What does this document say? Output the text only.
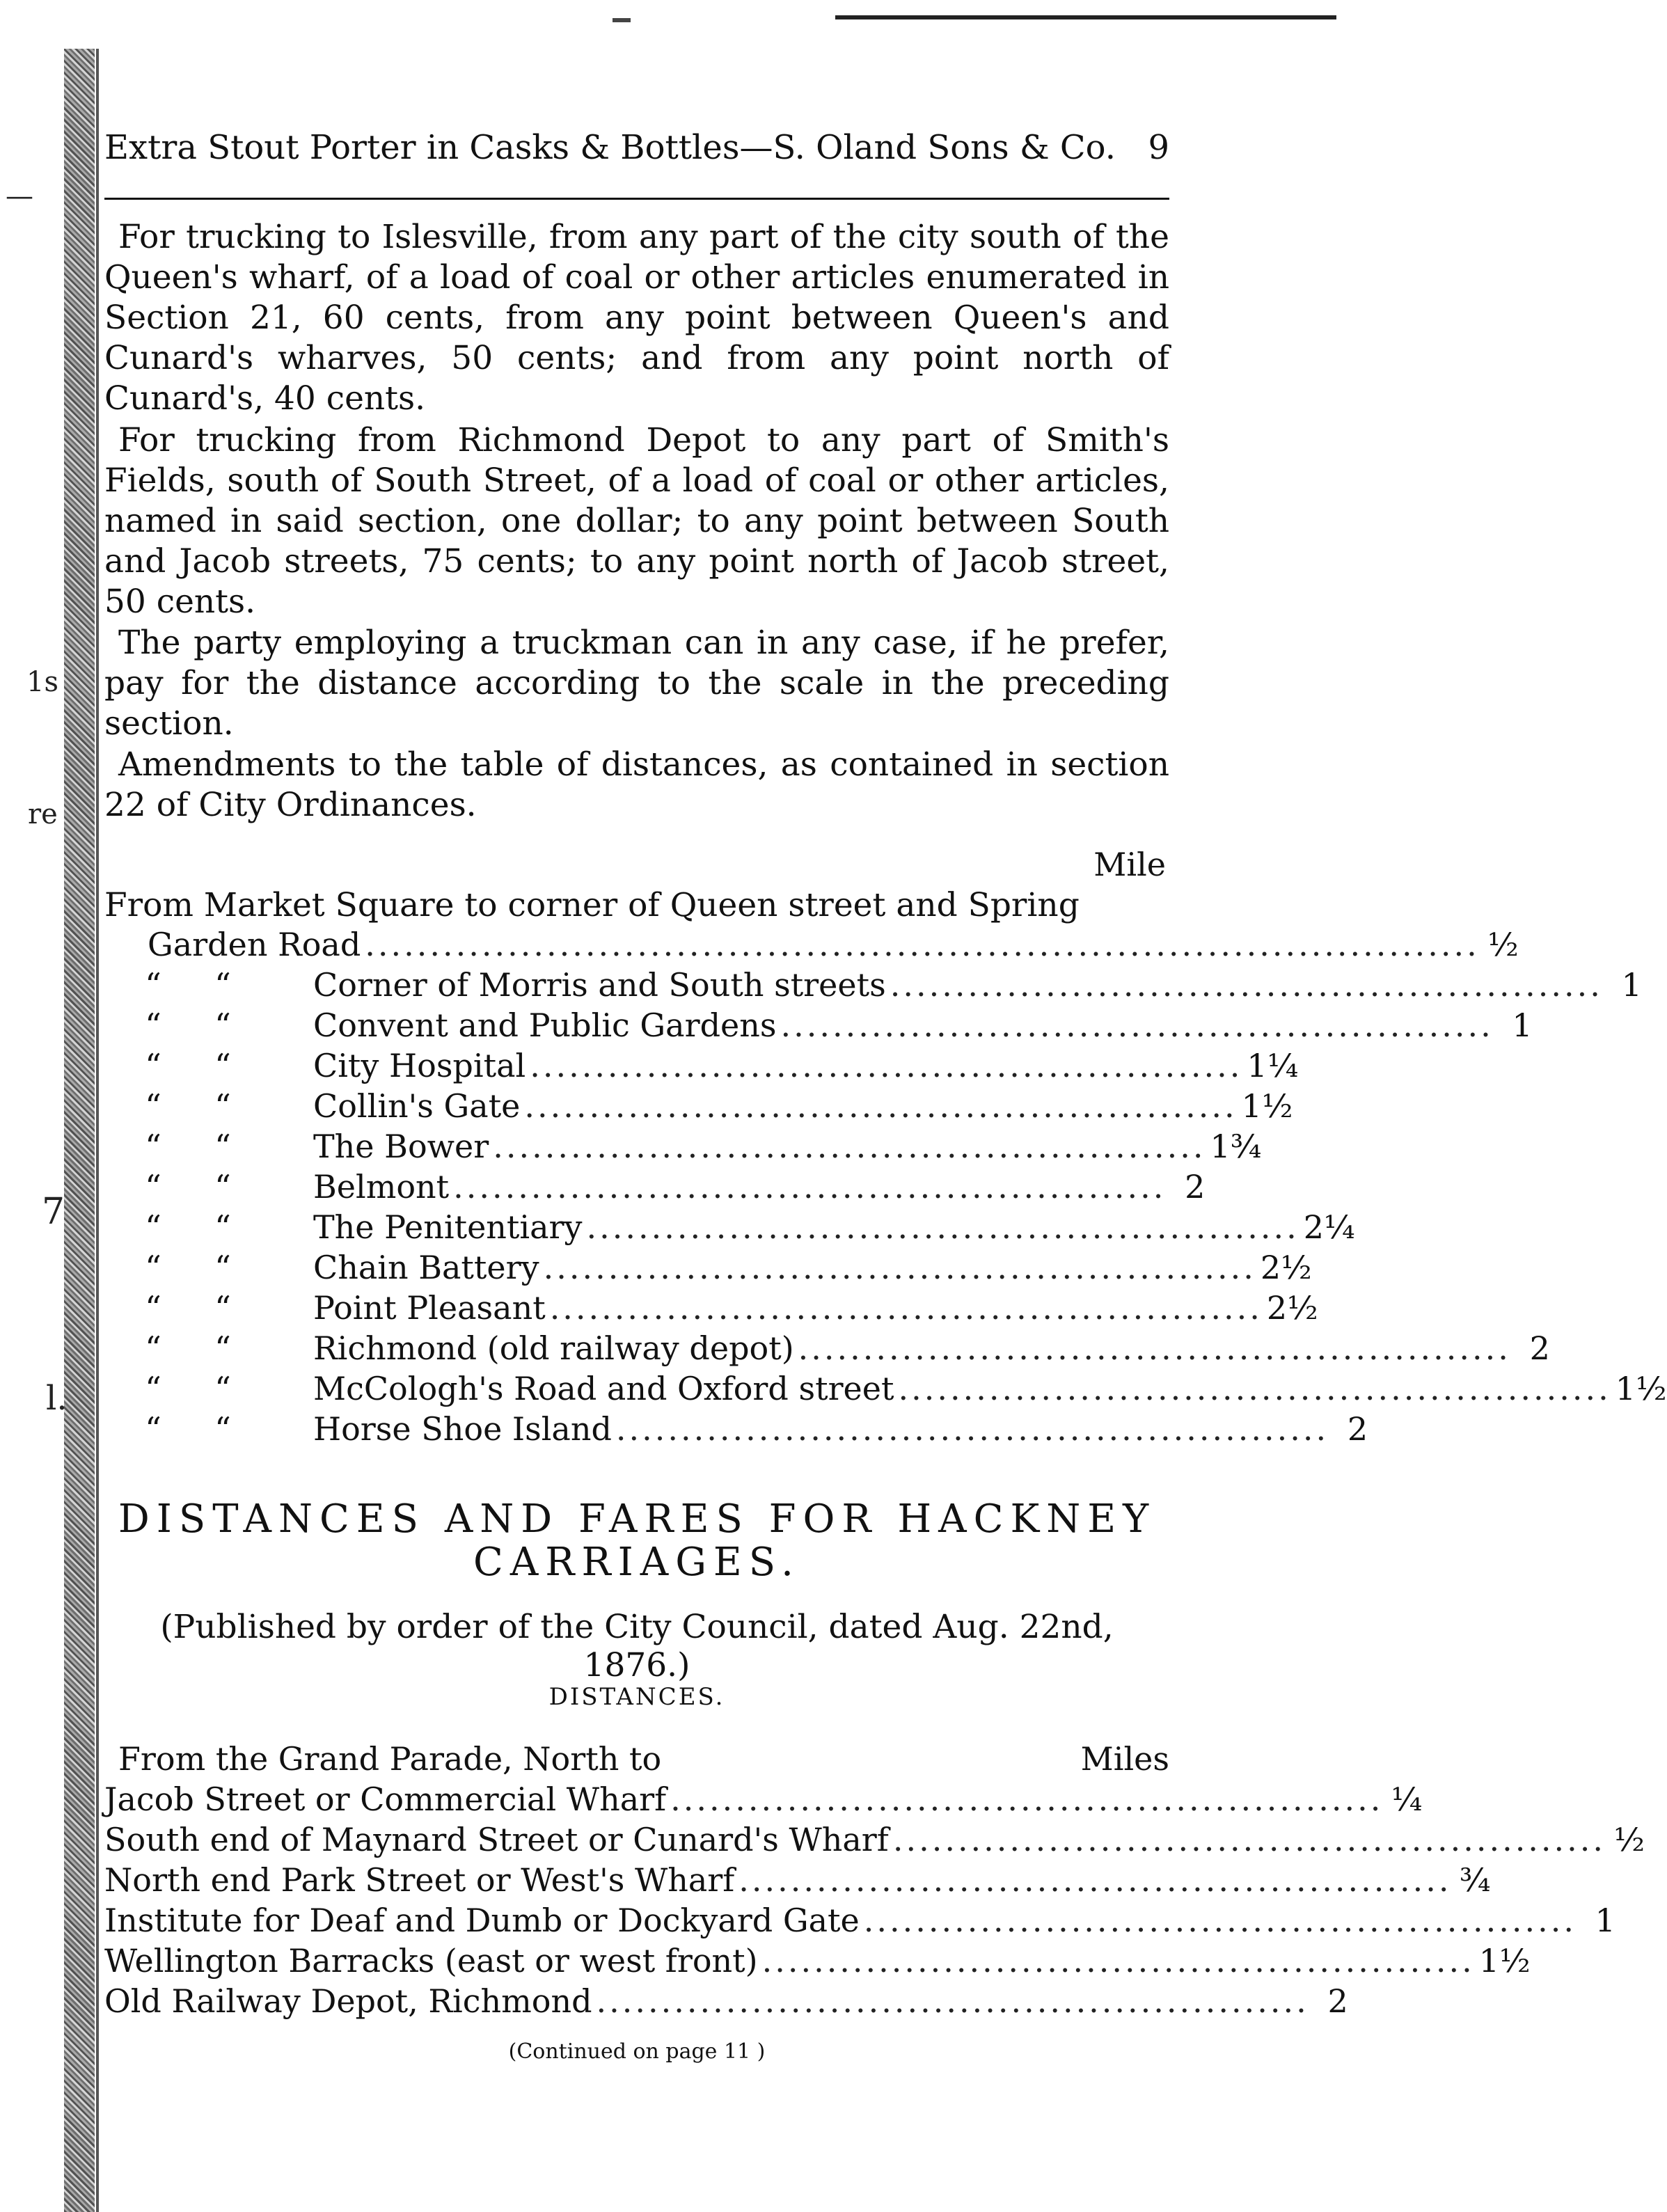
—
1s
re
7
l.
Extra Stout Porter in Casks & Bottles—S. Oland Sons & Co. 9
For trucking to Islesville, from any part of the city south of the Queen's wharf, of a load of coal or other articles enumerated in Section 21, 60 cents, from any point between Queen's and Cunard's wharves, 50 cents; and from any point north of Cunard's, 40 cents.
For trucking from Richmond Depot to any part of Smith's Fields, south of South Street, of a load of coal or other articles, named in said section, one dollar; to any point between South and Jacob streets, 75 cents; to any point north of Jacob street, 50 cents.
The party employing a truckman can in any case, if he prefer, pay for the distance according to the scale in the preceding section.
Amendments to the table of distances, as contained in section 22 of City Ordinances.
Mile
From Market Square to corner of Queen street and Spring
Garden Road ...................................................................................... ½
“	“	Corner of Morris and South streets ....................................................... 1
“	“	Convent and Public Gardens ....................................................... 1
“	“	City Hospital ....................................................... 1¼
“	“	Collin's Gate ....................................................... 1½
“	“	The Bower ....................................................... 1¾
“	“	Belmont ....................................................... 2
“	“	The Penitentiary ....................................................... 2¼
“	“	Chain Battery ....................................................... 2½
“	“	Point Pleasant ....................................................... 2½
“	“	Richmond (old railway depot) ....................................................... 2
“	“	McCologh's Road and Oxford street ....................................................... 1½
“	“	Horse Shoe Island ....................................................... 2
DISTANCES AND FARES FOR HACKNEY
CARRIAGES.
(Published by order of the City Council, dated Aug. 22nd, 1876.)
DISTANCES.
From the Grand Parade, North to	Miles
Jacob Street or Commercial Wharf ....................................................... ¼
South end of Maynard Street or Cunard's Wharf ....................................................... ½
North end Park Street or West's Wharf ....................................................... ¾
Institute for Deaf and Dumb or Dockyard Gate ....................................................... 1
Wellington Barracks (east or west front) ....................................................... 1½
Old Railway Depot, Richmond ....................................................... 2
(Continued on page 11 )
